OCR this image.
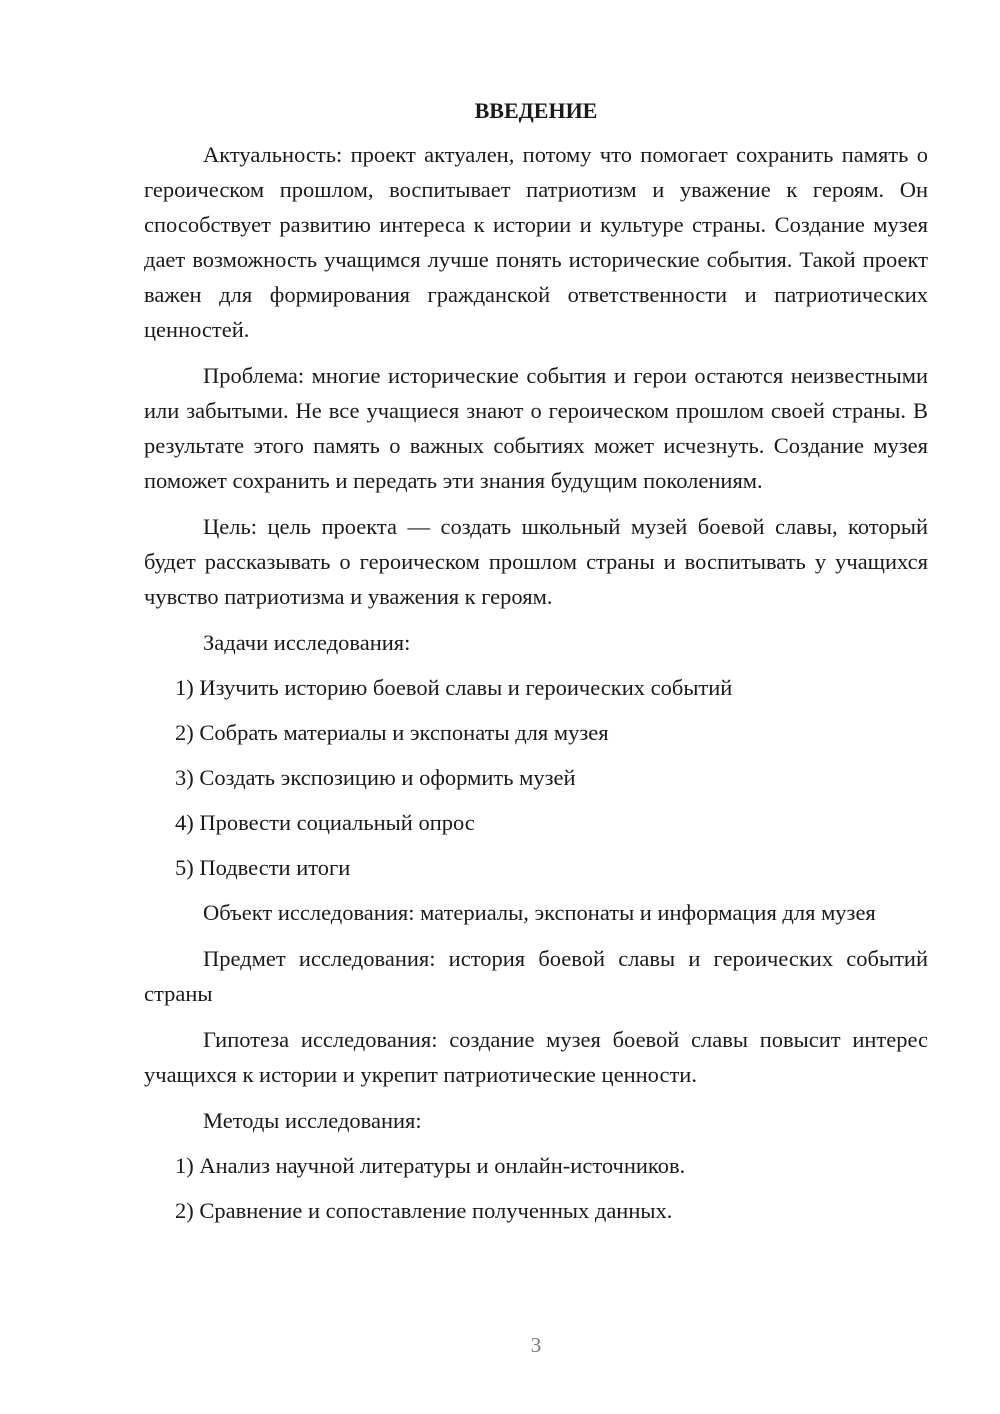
ВВЕДЕНИЕ

Актуальность: проект актуален, потому что помогает сохранить память о героическом прошлом, воспитывает патриотизм и уважение к героям. Он способствует развитию интереса к истории и культуре страны. Создание музея дает возможность учащимся лучше понять исторические события. Такой проект важен для формирования гражданской ответственности и патриотических ценностей.

Проблема: многие исторические события и герои остаются неизвестными или забытыми. Не все учащиеся знают о героическом прошлом своей страны. В результате этого память о важных событиях может исчезнуть. Создание музея поможет сохранить и передать эти знания будущим поколениям.

Цель: цель проекта — создать школьный музей боевой славы, который будет рассказывать о героическом прошлом страны и воспитывать у учащихся чувство патриотизма и уважения к героям.

Задачи исследования:

1) Изучить историю боевой славы и героических событий

2) Собрать материалы и экспонаты для музея

3) Создать экспозицию и оформить музей

4) Провести социальный опрос

5) Подвести итоги

Объект исследования: материалы, экспонаты и информация для музея

Предмет исследования: история боевой славы и героических событий страны

Гипотеза исследования: создание музея боевой славы повысит интерес учащихся к истории и укрепит патриотические ценности.

Методы исследования:

1) Анализ научной литературы и онлайн-источников.

2) Сравнение и сопоставление полученных данных.

3
